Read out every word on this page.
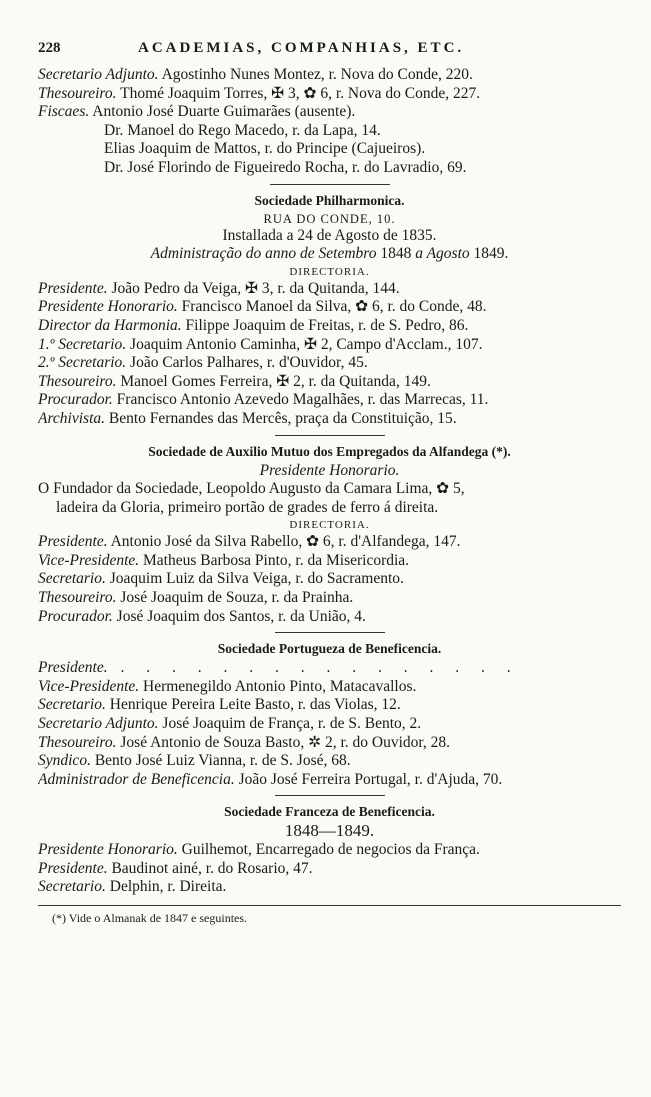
228	ACADEMIAS, COMPANHIAS, ETC.
Secretario Adjunto. Agostinho Nunes Montez, r. Nova do Conde, 220.
Thesoureiro. Thomé Joaquim Torres, ✠ 3, ✿ 6, r. Nova do Conde, 227.
Fiscaes. Antonio José Duarte Guimarães (ausente).
Dr. Manoel do Rego Macedo, r. da Lapa, 14.
Elias Joaquim de Mattos, r. do Principe (Cajueiros).
Dr. José Florindo de Figueiredo Rocha, r. do Lavradio, 69.
Sociedade Philharmonica.
RUA DO CONDE, 10.
Installada a 24 de Agosto de 1835.
Administração do anno de Setembro 1848 a Agosto 1849.
DIRECTORIA.
Presidente. João Pedro da Veiga, ✠ 3, r. da Quitanda, 144.
Presidente Honorario. Francisco Manoel da Silva, ✿ 6, r. do Conde, 48.
Director da Harmonia. Filippe Joaquim de Freitas, r. de S. Pedro, 86.
1.º Secretario. Joaquim Antonio Caminha, ✠ 2, Campo d'Acclam., 107.
2.º Secretario. João Carlos Palhares, r. d'Ouvidor, 45.
Thesoureiro. Manoel Gomes Ferreira, ✠ 2, r. da Quitanda, 149.
Procurador. Francisco Antonio Azevedo Magalhães, r. das Marrecas, 11.
Archivista. Bento Fernandes das Mercês, praça da Constituição, 15.
Sociedade de Auxilio Mutuo dos Empregados da Alfandega (*).
Presidente Honorario.
O Fundador da Sociedade, Leopoldo Augusto da Camara Lima, ✿ 5,
ladeira da Gloria, primeiro portão de grades de ferro á direita.
DIRECTORIA.
Presidente. Antonio José da Silva Rabello, ✿ 6, r. d'Alfandega, 147.
Vice-Presidente. Matheus Barbosa Pinto, r. da Misericordia.
Secretario. Joaquim Luiz da Silva Veiga, r. do Sacramento.
Thesoureiro. José Joaquim de Souza, r. da Prainha.
Procurador. José Joaquim dos Santos, r. da União, 4.
Sociedade Portugueza de Beneficencia.
Presidente. . . . . . . . . . . . . . . . .
Vice-Presidente. Hermenegildo Antonio Pinto, Matacavallos.
Secretario. Henrique Pereira Leite Basto, r. das Violas, 12.
Secretario Adjunto. José Joaquim de França, r. de S. Bento, 2.
Thesoureiro. José Antonio de Souza Basto, ✲ 2, r. do Ouvidor, 28.
Syndico. Bento José Luiz Vianna, r. de S. José, 68.
Administrador de Beneficencia. João José Ferreira Portugal, r. d'Ajuda, 70.
Sociedade Franceza de Beneficencia.
1848—1849.
Presidente Honorario. Guilhemot, Encarregado de negocios da França.
Presidente. Baudinot ainé, r. do Rosario, 47.
Secretario. Delphin, r. Direita.
(*) Vide o Almanak de 1847 e seguintes.
